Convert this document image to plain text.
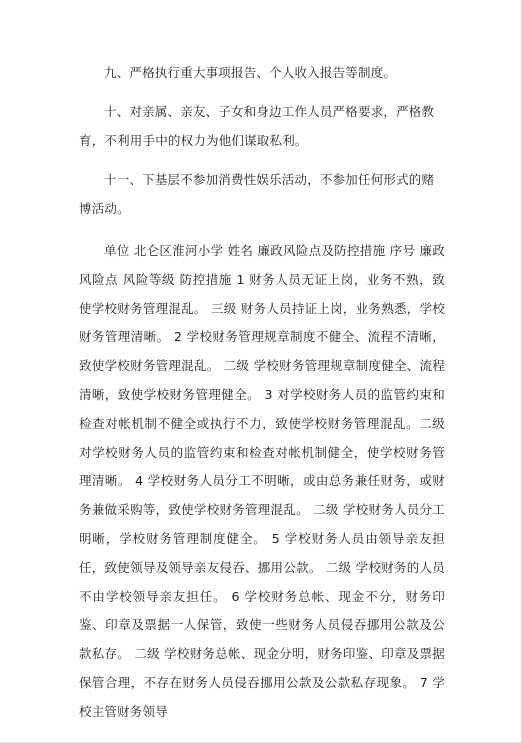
九、严格执行重大事项报告、个人收入报告等制度。

十、对亲属、亲友、子女和身边工作人员严格要求，严格教育，不利用手中的权力为他们谋取私利。

十一、下基层不参加消费性娱乐活动，不参加任何形式的赌博活动。

单位 北仑区淮河小学 姓名 廉政风险点及防控措施 序号 廉政风险点 风险等级 防控措施 1 财务人员无证上岗，业务不熟，致使学校财务管理混乱。 三级 财务人员持证上岗，业务熟悉，学校财务管理清晰。 2 学校财务管理规章制度不健全、流程不清晰，致使学校财务管理混乱。 二级 学校财务管理规章制度健全、流程清晰，致使学校财务管理健全。 3 对学校财务人员的监管约束和检查对帐机制不健全或执行不力，致使学校财务管理混乱。二级 对学校财务人员的监管约束和检查对帐机制健全，使学校财务管理清晰。 4 学校财务人员分工不明晰，或由总务兼任财务，或财务兼做采购等，致使学校财务管理混乱。 二级 学校财务人员分工明晰，学校财务管理制度健全。 5 学校财务人员由领导亲友担任，致使领导及领导亲友侵吞、挪用公款。 二级 学校财务的人员不由学校领导亲友担任。 6 学校财务总帐、现金不分，财务印鉴、印章及票据一人保管，致使一些财务人员侵吞挪用公款及公款私存。 二级 学校财务总帐、现金分明，财务印鉴、印章及票据保管合理，不存在财务人员侵吞挪用公款及公款私存现象。 7 学校主管财务领导
